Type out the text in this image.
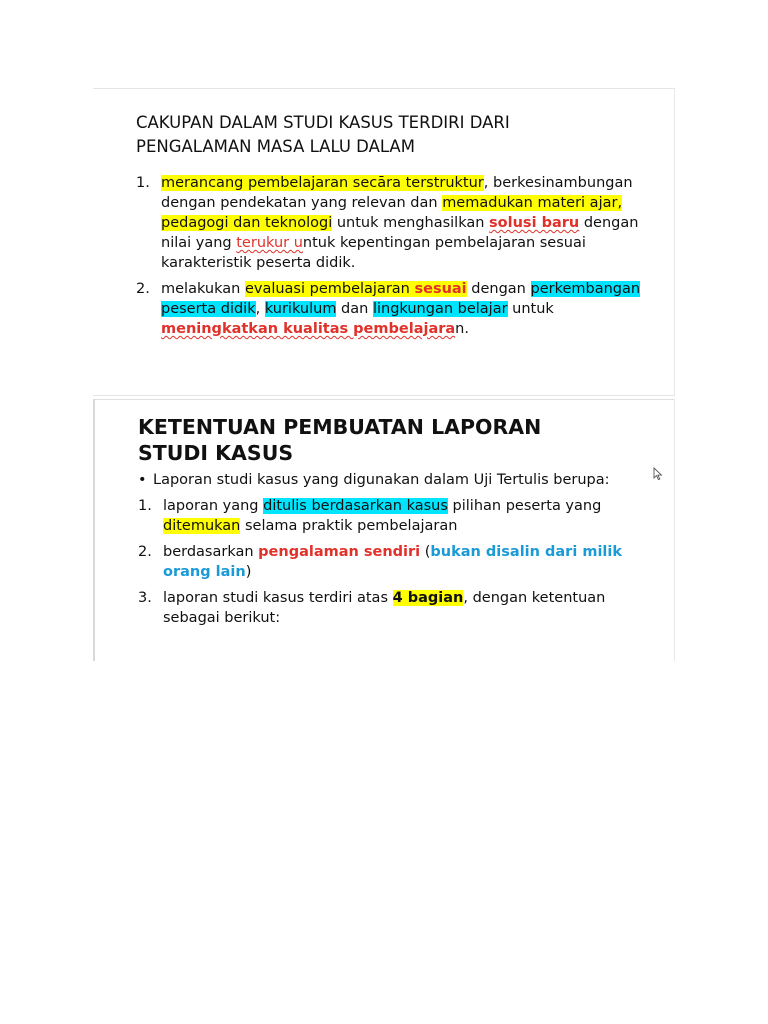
CAKUPAN DALAM STUDI KASUS TERDIRI DARI
PENGALAMAN MASA LALU DALAM
1. merancang pembelajaran secāra terstruktur, berkesinambungan dengan pendekatan yang relevan dan memadukan materi ajar, pedagogi dan teknologi untuk menghasilkan solusi baru dengan nilai yang terukur untuk kepentingan pembelajaran sesuai karakteristik peserta didik.
2. melakukan evaluasi pembelajaran sesuai dengan perkembangan peserta didik, kurikulum dan lingkungan belajar untuk meningkatkan kualitas pembelajaran.
KETENTUAN PEMBUATAN LAPORAN
STUDI KASUS
• Laporan studi kasus yang digunakan dalam Uji Tertulis berupa:
1. laporan yang ditulis berdasarkan kasus pilihan peserta yang ditemukan selama praktik pembelajaran
2. berdasarkan pengalaman sendiri (bukan disalin dari milik orang lain)
3. laporan studi kasus terdiri atas 4 bagian, dengan ketentuan sebagai berikut:
